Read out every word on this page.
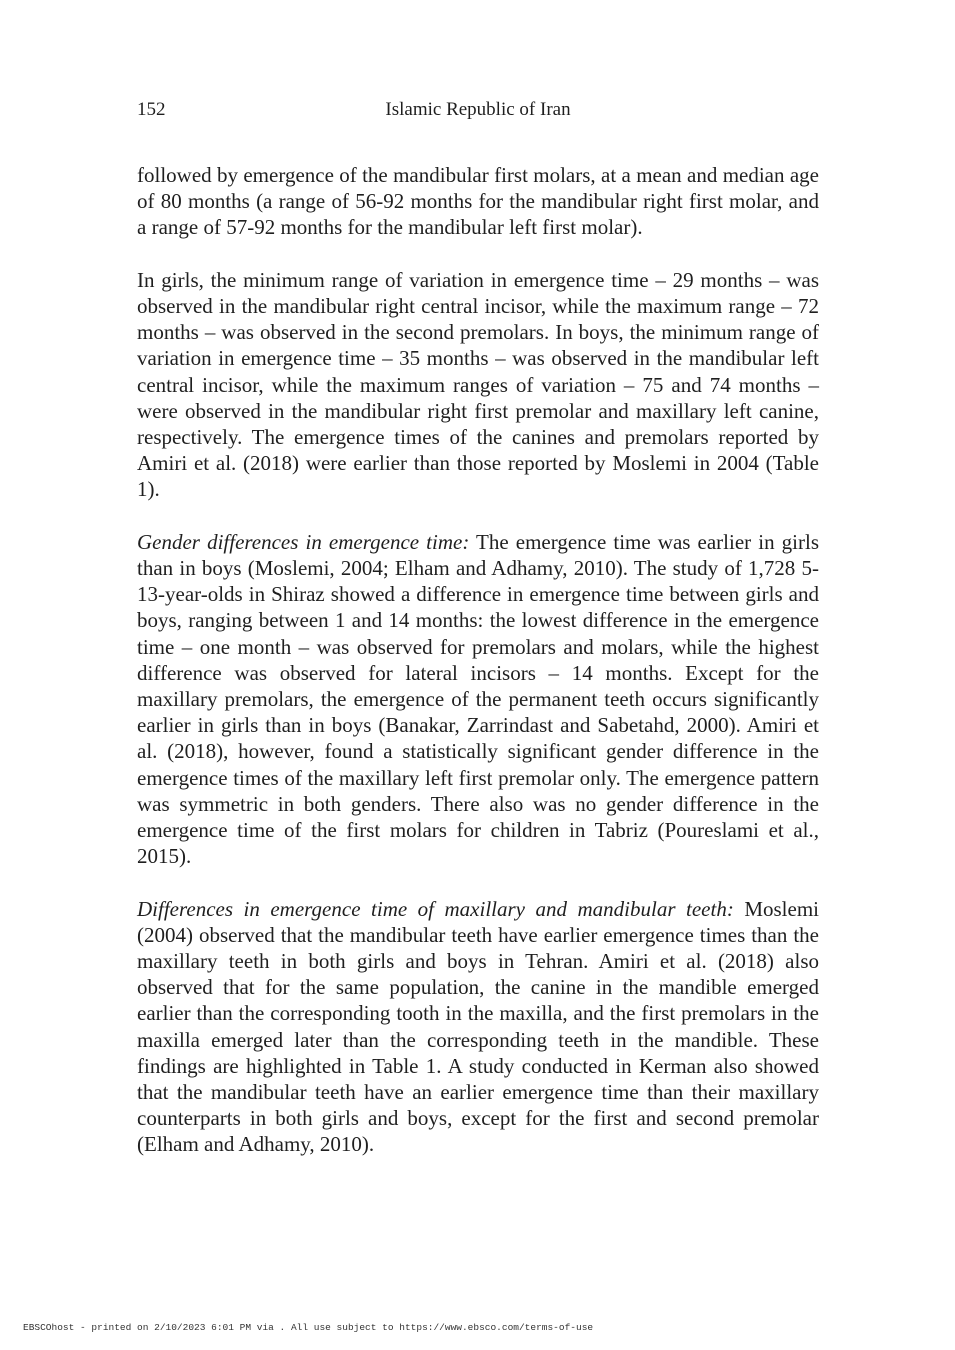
152	Islamic Republic of Iran

followed by emergence of the mandibular first molars, at a mean and median age of 80 months (a range of 56-92 months for the mandibular right first molar, and a range of 57-92 months for the mandibular left first molar).

In girls, the minimum range of variation in emergence time – 29 months – was observed in the mandibular right central incisor, while the maximum range – 72 months – was observed in the second premolars. In boys, the minimum range of variation in emergence time – 35 months – was observed in the mandibular left central incisor, while the maximum ranges of variation – 75 and 74 months – were observed in the mandibular right first premolar and maxillary left canine, respectively. The emergence times of the canines and premolars reported by Amiri et al. (2018) were earlier than those reported by Moslemi in 2004 (Table 1).

Gender differences in emergence time: The emergence time was earlier in girls than in boys (Moslemi, 2004; Elham and Adhamy, 2010). The study of 1,728 5-13-year-olds in Shiraz showed a difference in emergence time between girls and boys, ranging between 1 and 14 months: the lowest difference in the emergence time – one month – was observed for premolars and molars, while the highest difference was observed for lateral incisors – 14 months. Except for the maxillary premolars, the emergence of the permanent teeth occurs significantly earlier in girls than in boys (Banakar, Zarrindast and Sabetahd, 2000). Amiri et al. (2018), however, found a statistically significant gender difference in the emergence times of the maxillary left first premolar only. The emergence pattern was symmetric in both genders. There also was no gender difference in the emergence time of the first molars for children in Tabriz (Poureslami et al., 2015).

Differences in emergence time of maxillary and mandibular teeth: Moslemi (2004) observed that the mandibular teeth have earlier emergence times than the maxillary teeth in both girls and boys in Tehran. Amiri et al. (2018) also observed that for the same population, the canine in the mandible emerged earlier than the corresponding tooth in the maxilla, and the first premolars in the maxilla emerged later than the corresponding teeth in the mandible. These findings are highlighted in Table 1. A study conducted in Kerman also showed that the mandibular teeth have an earlier emergence time than their maxillary counterparts in both girls and boys, except for the first and second premolar (Elham and Adhamy, 2010).

EBSCOhost - printed on 2/10/2023 6:01 PM via . All use subject to https://www.ebsco.com/terms-of-use
